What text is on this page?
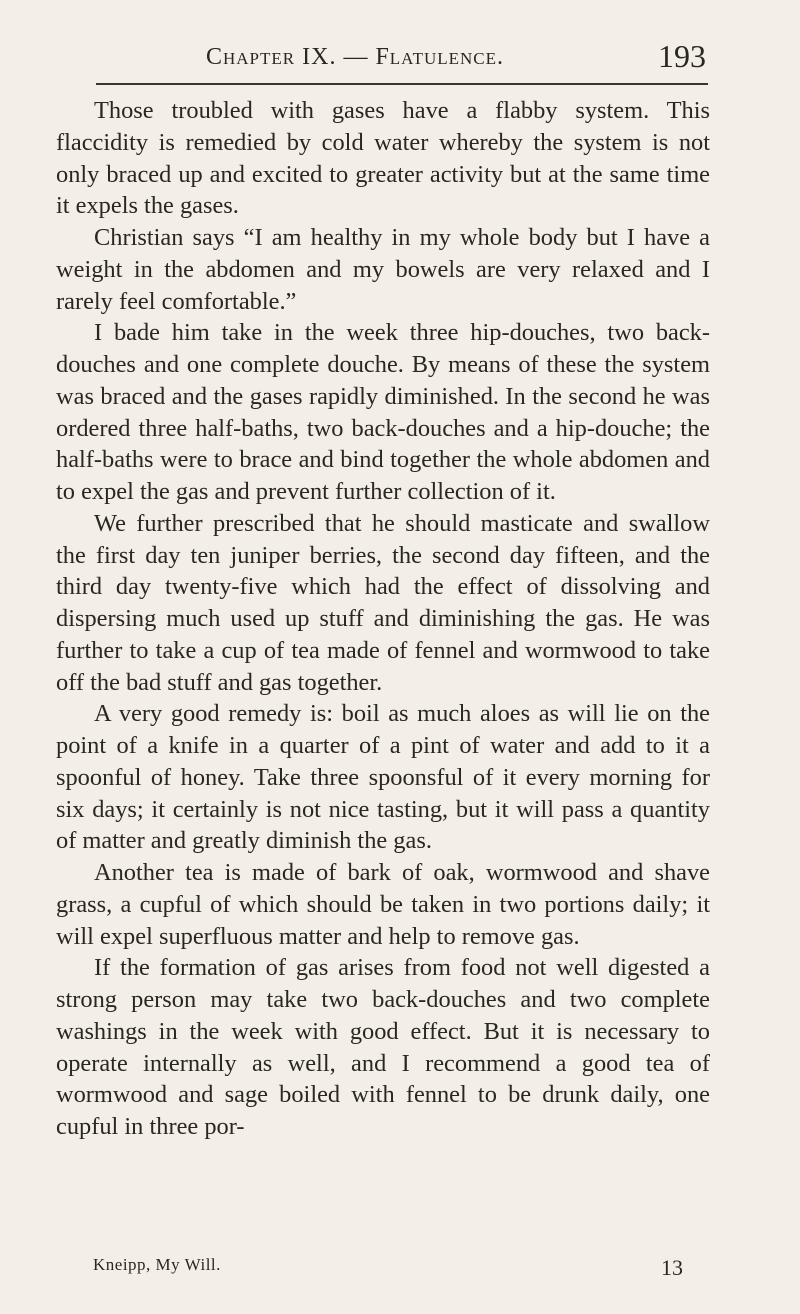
Chapter IX. — Flatulence.	193

Those troubled with gases have a flabby system. This flaccidity is remedied by cold water whereby the system is not only braced up and excited to greater activity but at the same time it expels the gases.

Christian says “I am healthy in my whole body but I have a weight in the abdomen and my bowels are very relaxed and I rarely feel comfortable.”

I bade him take in the week three hip-douches, two back-douches and one complete douche. By means of these the system was braced and the gases rapidly diminished. In the second he was ordered three half-baths, two back-douches and a hip-douche; the half-baths were to brace and bind together the whole abdomen and to expel the gas and prevent further collection of it.

We further prescribed that he should masticate and swallow the first day ten juniper berries, the second day fifteen, and the third day twenty-five which had the effect of dissolving and dispersing much used up stuff and diminishing the gas. He was further to take a cup of tea made of fennel and wormwood to take off the bad stuff and gas together.

A very good remedy is: boil as much aloes as will lie on the point of a knife in a quarter of a pint of water and add to it a spoonful of honey. Take three spoonsful of it every morning for six days; it certainly is not nice tasting, but it will pass a quantity of matter and greatly diminish the gas.

Another tea is made of bark of oak, wormwood and shave grass, a cupful of which should be taken in two portions daily; it will expel superfluous matter and help to remove gas.

If the formation of gas arises from food not well digested a strong person may take two back-douches and two complete washings in the week with good effect. But it is necessary to operate internally as well, and I recommend a good tea of wormwood and sage boiled with fennel to be drunk daily, one cupful in three por-

Kneipp, My Will.	13
